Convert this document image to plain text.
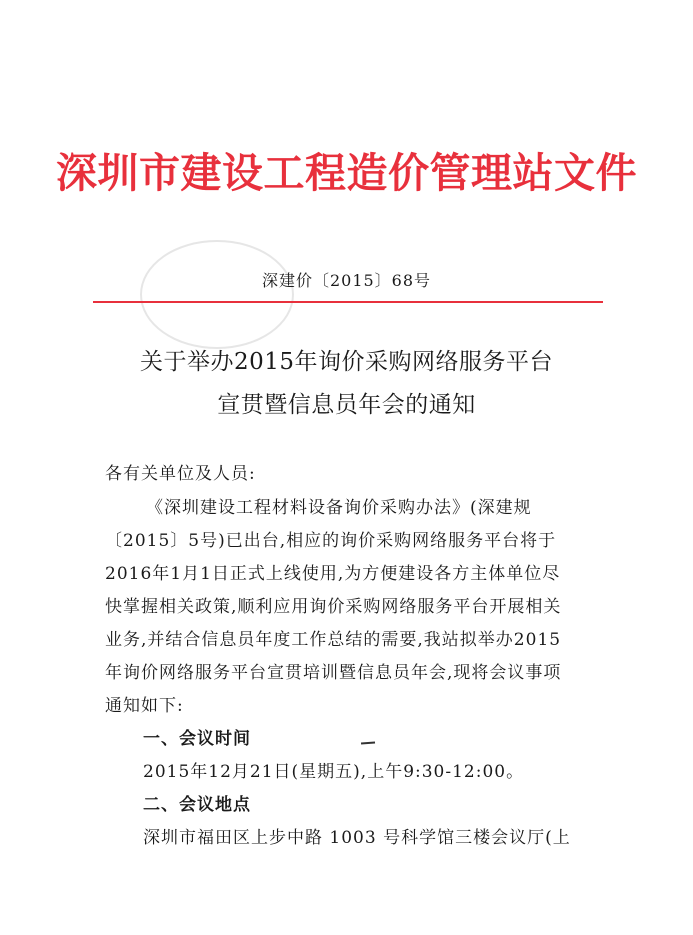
深圳市建设工程造价管理站文件
深建价〔2015〕68号
关于举办2015年询价采购网络服务平台
宣贯暨信息员年会的通知
各有关单位及人员:
《深圳建设工程材料设备询价采购办法》(深建规
〔2015〕5号)已出台,相应的询价采购网络服务平台将于
2016年1月1日正式上线使用,为方便建设各方主体单位尽
快掌握相关政策,顺利应用询价采购网络服务平台开展相关
业务,并结合信息员年度工作总结的需要,我站拟举办2015
年询价网络服务平台宣贯培训暨信息员年会,现将会议事项
通知如下:
一、会议时间
2015年12月21日(星期五),上午9:30-12:00。
二、会议地点
深圳市福田区上步中路 1003 号科学馆三楼会议厅(上
